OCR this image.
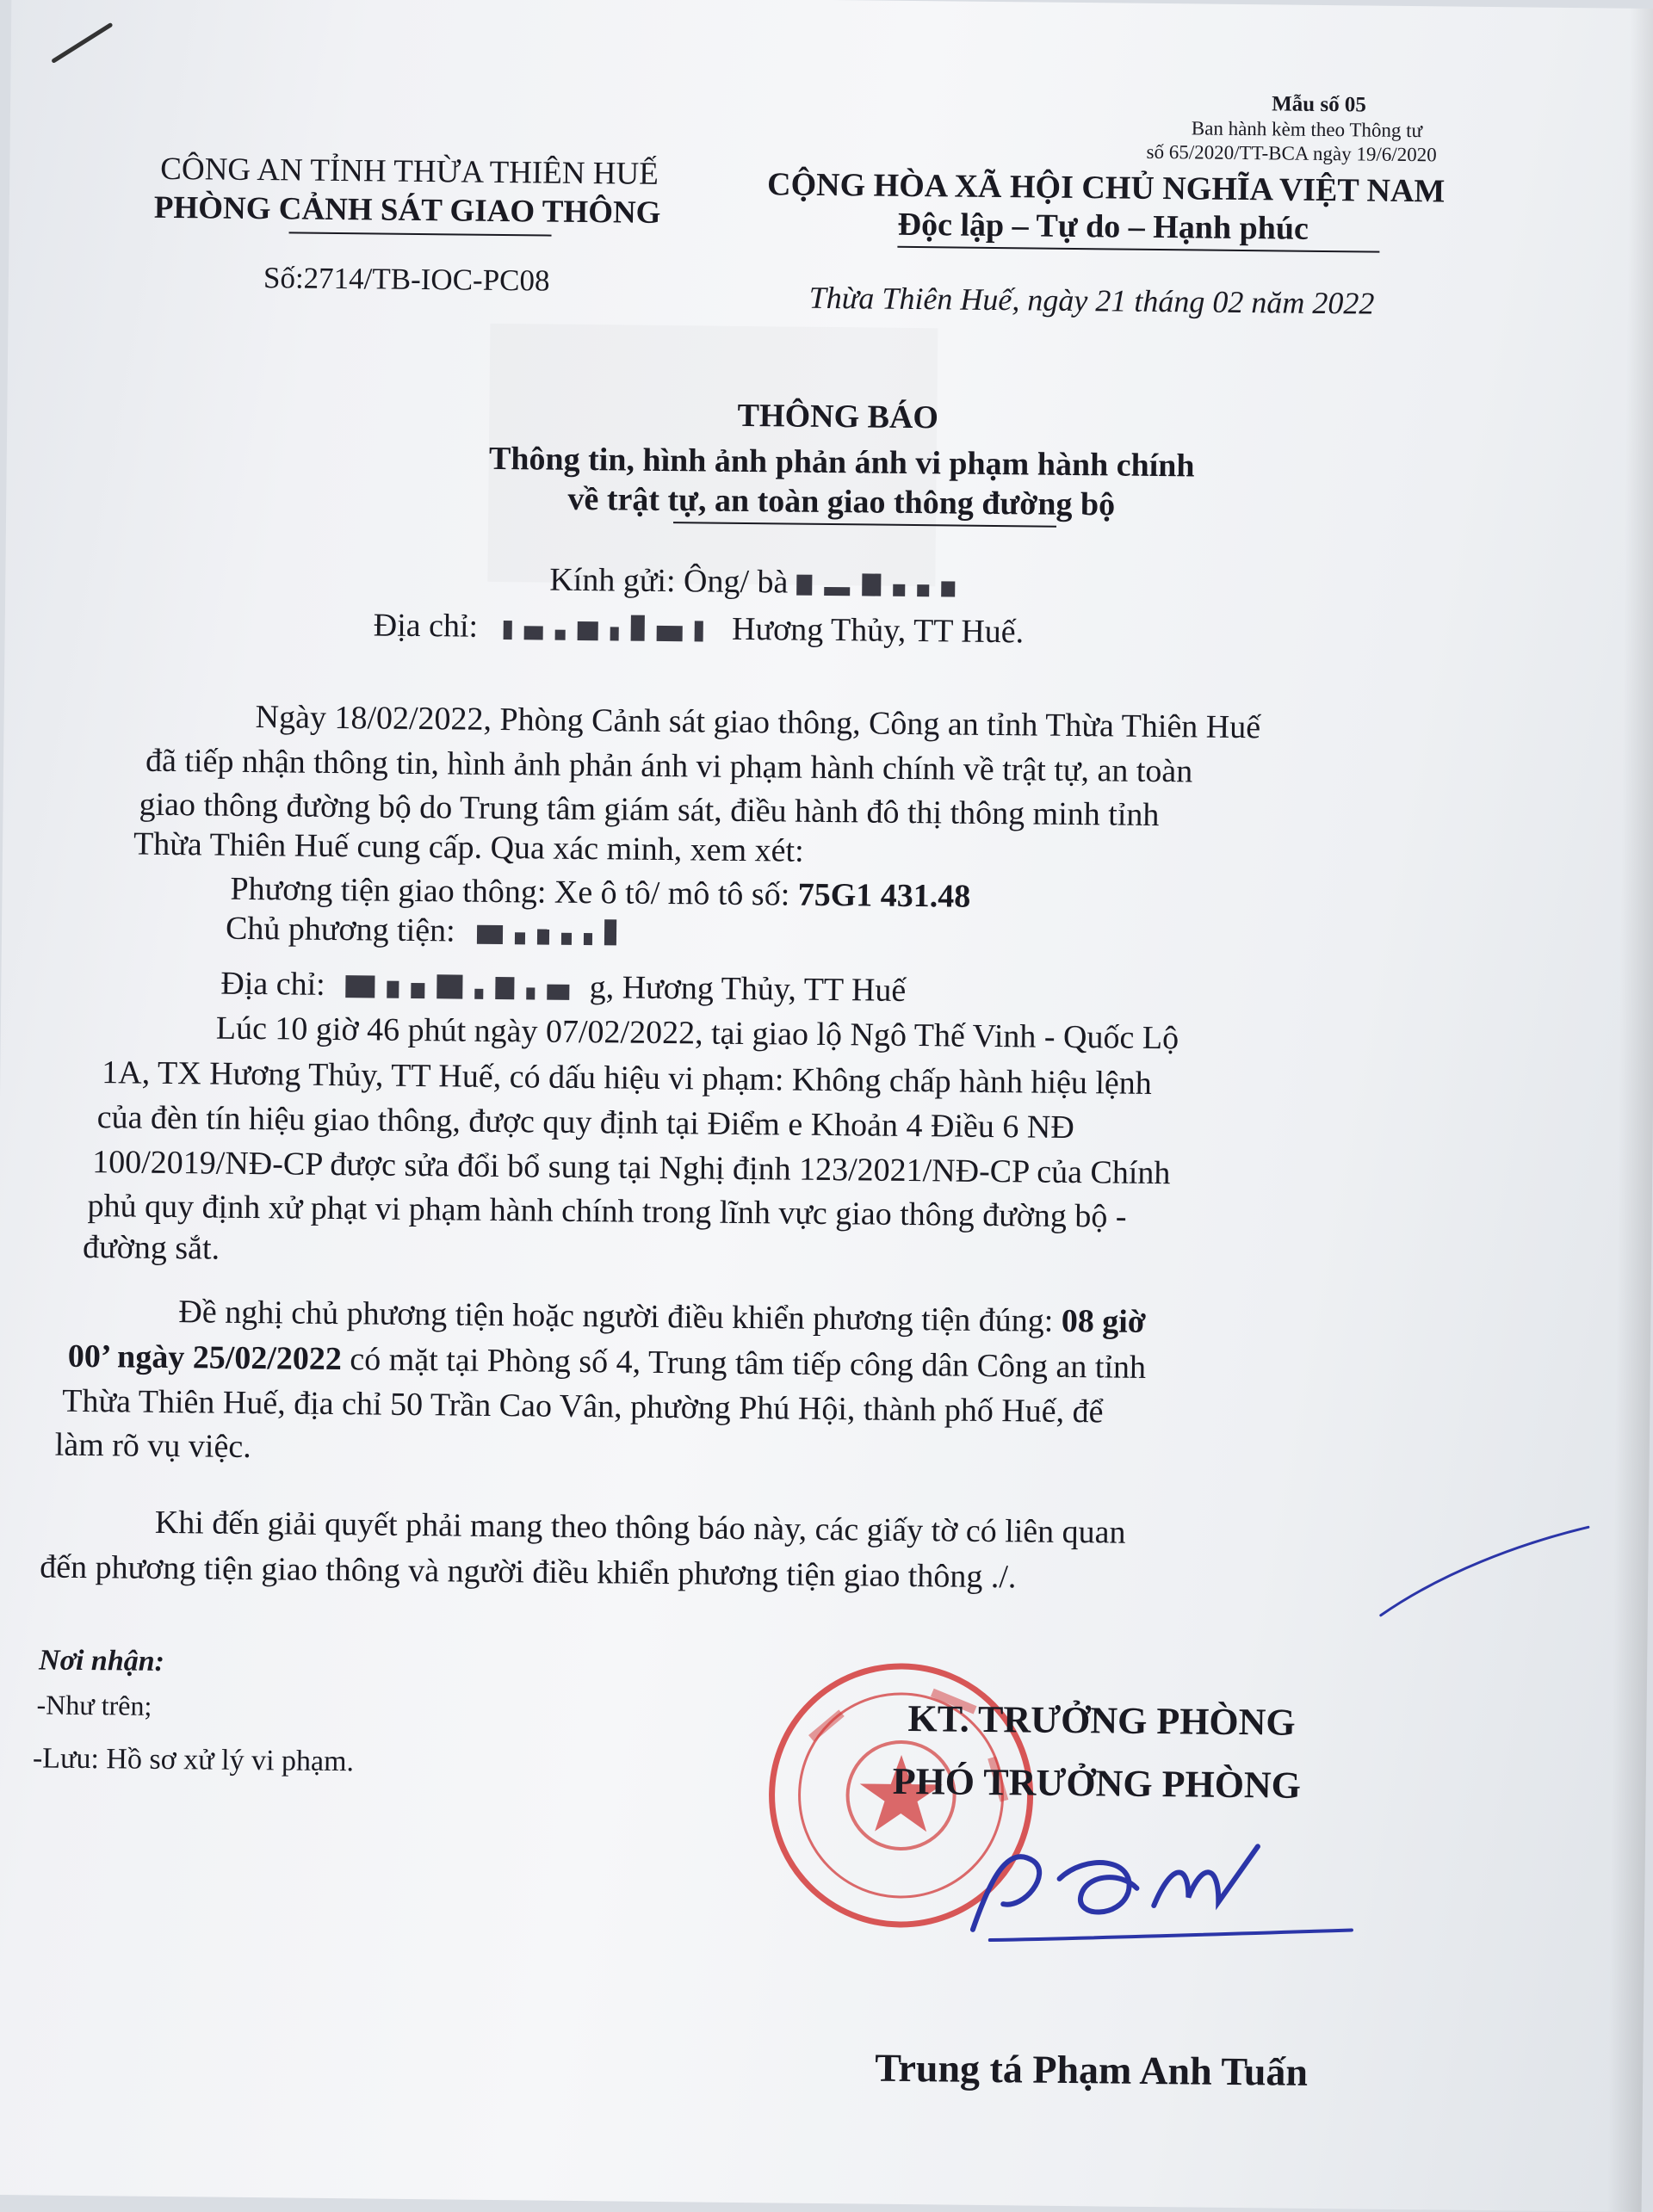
Mẫu số 05
Ban hành kèm theo Thông tư
số 65/2020/TT-BCA ngày 19/6/2020
CÔNG AN TỈNH THỪA THIÊN HUẾ
PHÒNG CẢNH SÁT GIAO THÔNG
Số:2714/TB-IOC-PC08
CỘNG HÒA XÃ HỘI CHỦ NGHĨA VIỆT NAM
Độc lập – Tự do – Hạnh phúc
Thừa Thiên Huế, ngày 21 tháng 02 năm 2022
THÔNG BÁO
Thông tin, hình ảnh phản ánh vi phạm hành chính
về trật tự, an toàn giao thông đường bộ
Kính gửi: Ông/ bà
Địa chỉ:	Hương Thủy, TT Huế.
Ngày 18/02/2022, Phòng Cảnh sát giao thông, Công an tỉnh Thừa Thiên Huế
đã tiếp nhận thông tin, hình ảnh phản ánh vi phạm hành chính về trật tự, an toàn
giao thông đường bộ do Trung tâm giám sát, điều hành đô thị thông minh tỉnh
Thừa Thiên Huế cung cấp. Qua xác minh, xem xét:
Phương tiện giao thông: Xe ô tô/ mô tô số: 75G1 431.48
Chủ phương tiện:
Địa chỉ:	g, Hương Thủy, TT Huế
Lúc 10 giờ 46 phút ngày 07/02/2022, tại giao lộ Ngô Thế Vinh - Quốc Lộ
1A, TX Hương Thủy, TT Huế, có dấu hiệu vi phạm: Không chấp hành hiệu lệnh
của đèn tín hiệu giao thông, được quy định tại Điểm e Khoản 4 Điều 6 NĐ
100/2019/NĐ-CP được sửa đổi bổ sung tại Nghị định 123/2021/NĐ-CP của Chính
phủ quy định xử phạt vi phạm hành chính trong lĩnh vực giao thông đường bộ -
đường sắt.
Đề nghị chủ phương tiện hoặc người điều khiển phương tiện đúng: 08 giờ
00’ ngày 25/02/2022 có mặt tại Phòng số 4, Trung tâm tiếp công dân Công an tỉnh
Thừa Thiên Huế, địa chỉ 50 Trần Cao Vân, phường Phú Hội, thành phố Huế, để
làm rõ vụ việc.
Khi đến giải quyết phải mang theo thông báo này, các giấy tờ có liên quan
đến phương tiện giao thông và người điều khiển phương tiện giao thông ./.
Nơi nhận:
-Như trên;
-Lưu: Hồ sơ xử lý vi phạm.
KT. TRƯỞNG PHÒNG
PHÓ TRƯỞNG PHÒNG
Trung tá Phạm Anh Tuấn
